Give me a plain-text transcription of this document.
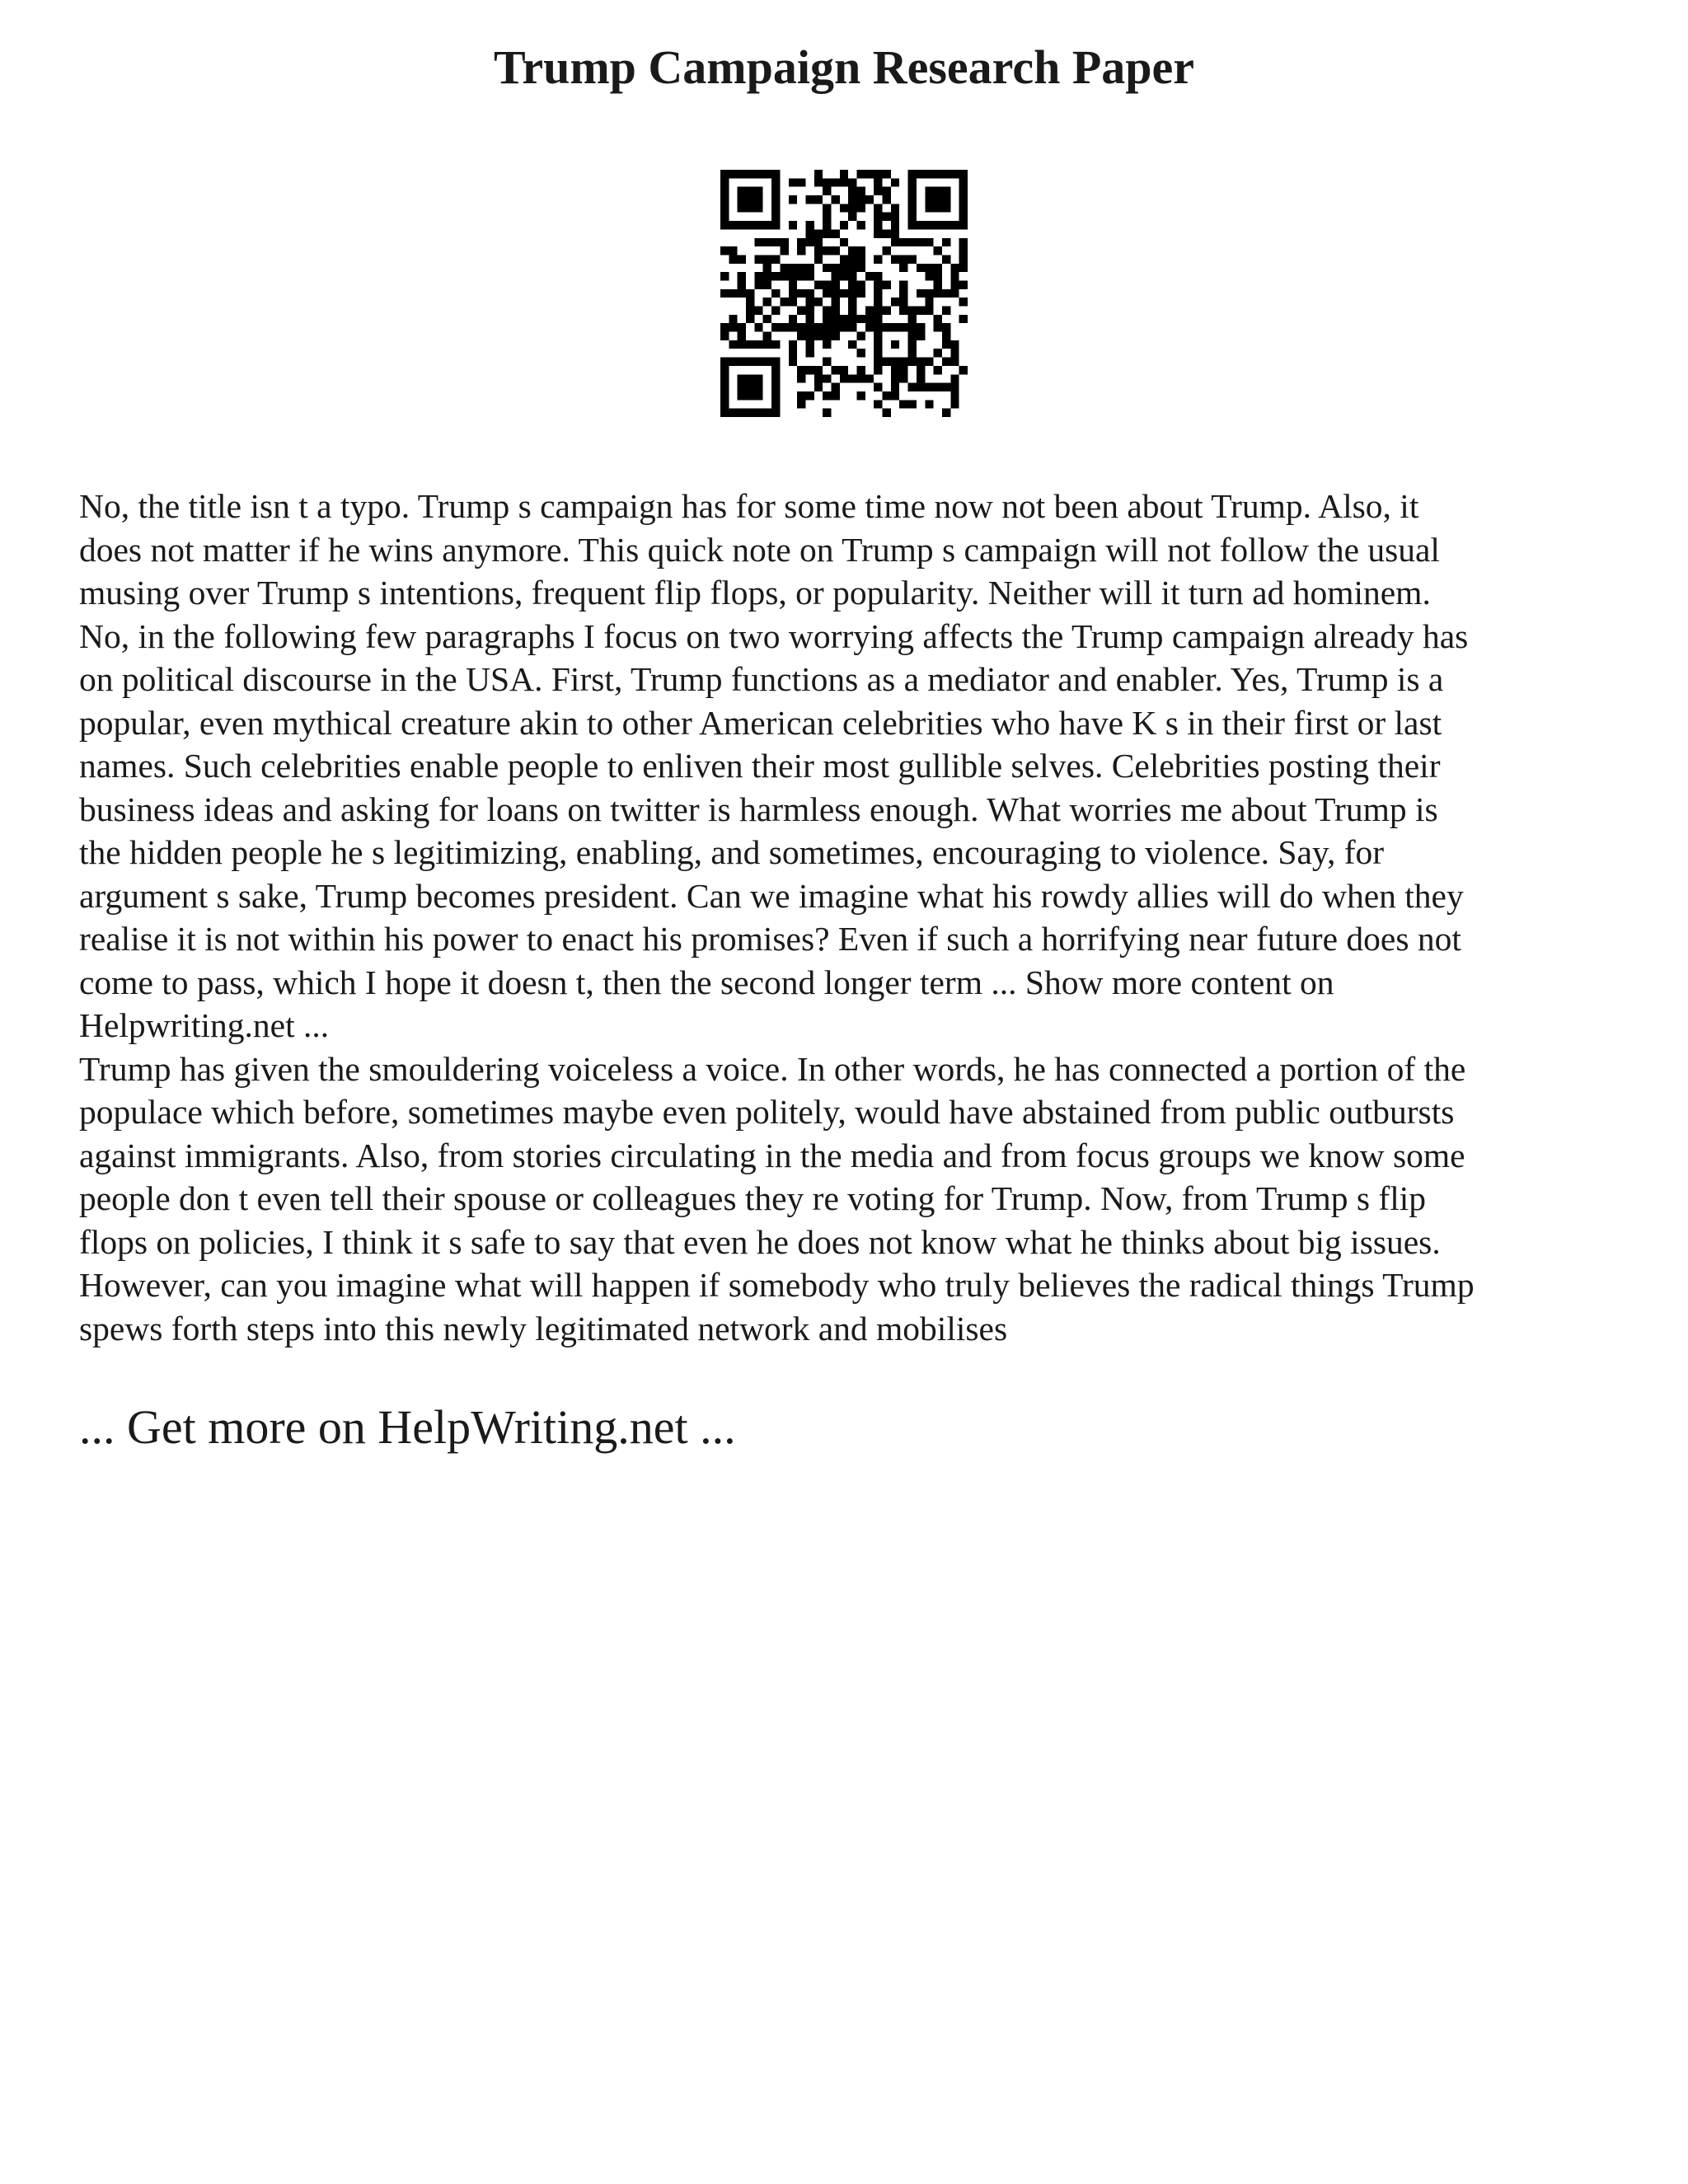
Trump Campaign Research Paper

No, the title isn t a typo. Trump s campaign has for some time now not been about Trump. Also, it
does not matter if he wins anymore. This quick note on Trump s campaign will not follow the usual
musing over Trump s intentions, frequent flip flops, or popularity. Neither will it turn ad hominem.
No, in the following few paragraphs I focus on two worrying affects the Trump campaign already has
on political discourse in the USA. First, Trump functions as a mediator and enabler. Yes, Trump is a
popular, even mythical creature akin to other American celebrities who have K s in their first or last
names. Such celebrities enable people to enliven their most gullible selves. Celebrities posting their
business ideas and asking for loans on twitter is harmless enough. What worries me about Trump is
the hidden people he s legitimizing, enabling, and sometimes, encouraging to violence. Say, for
argument s sake, Trump becomes president. Can we imagine what his rowdy allies will do when they
realise it is not within his power to enact his promises? Even if such a horrifying near future does not
come to pass, which I hope it doesn t, then the second longer term ... Show more content on
Helpwriting.net ...
Trump has given the smouldering voiceless a voice. In other words, he has connected a portion of the
populace which before, sometimes maybe even politely, would have abstained from public outbursts
against immigrants. Also, from stories circulating in the media and from focus groups we know some
people don t even tell their spouse or colleagues they re voting for Trump. Now, from Trump s flip
flops on policies, I think it s safe to say that even he does not know what he thinks about big issues.
However, can you imagine what will happen if somebody who truly believes the radical things Trump
spews forth steps into this newly legitimated network and mobilises

... Get more on HelpWriting.net ...
